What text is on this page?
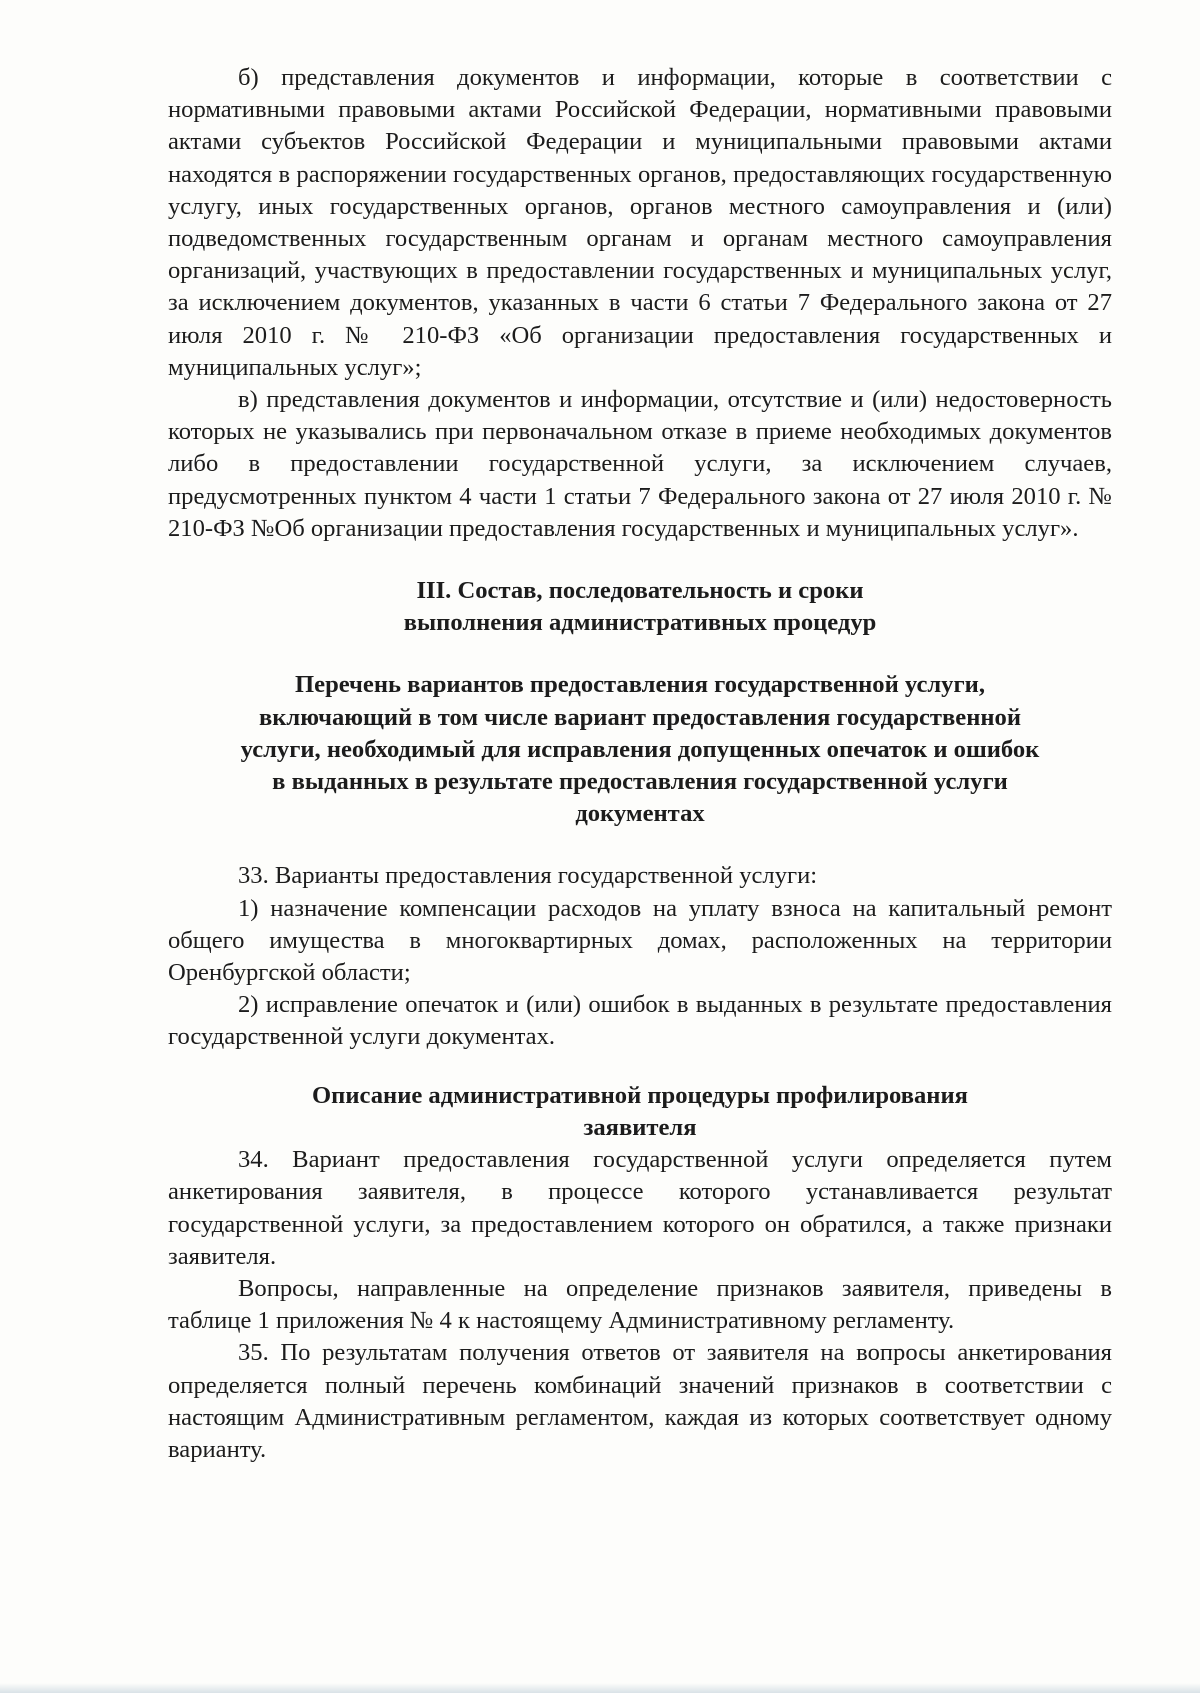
б) представления документов и информации, которые в соответствии с нормативными правовыми актами Российской Федерации, нормативными правовыми актами субъектов Российской Федерации и муниципальными правовыми актами находятся в распоряжении государственных органов, предоставляющих государственную услугу, иных государственных органов, органов местного самоуправления и (или) подведомственных государственным органам и органам местного самоуправления организаций, участвующих в предоставлении государственных и муниципальных услуг, за исключением документов, указанных в части 6 статьи 7 Федерального закона от 27 июля 2010 г. № 210-ФЗ «Об организации предоставления государственных и муниципальных услуг»;

в) представления документов и информации, отсутствие и (или) недостоверность которых не указывались при первоначальном отказе в приеме необходимых документов либо в предоставлении государственной услуги, за исключением случаев, предусмотренных пунктом 4 части 1 статьи 7 Федерального закона от 27 июля 2010 г. № 210-ФЗ №Об организации предоставления государственных и муниципальных услуг».

III. Состав, последовательность и сроки

выполнения административных процедур

Перечень вариантов предоставления государственной услуги,

включающий в том числе вариант предоставления государственной

услуги, необходимый для исправления допущенных опечаток и ошибок

в выданных в результате предоставления государственной услуги

документах

33. Варианты предоставления государственной услуги:

1) назначение компенсации расходов на уплату взноса на капитальный ремонт общего имущества в многоквартирных домах, расположенных на территории Оренбургской области;

2) исправление опечаток и (или) ошибок в выданных в результате предоставления государственной услуги документах.

Описание административной процедуры профилирования

заявителя

34. Вариант предоставления государственной услуги определяется путем анкетирования заявителя, в процессе которого устанавливается результат государственной услуги, за предоставлением которого он обратился, а также признаки заявителя.

Вопросы, направленные на определение признаков заявителя, приведены в таблице 1 приложения № 4 к настоящему Административному регламенту.

35. По результатам получения ответов от заявителя на вопросы анкетирования определяется полный перечень комбинаций значений признаков в соответствии с настоящим Административным регламентом, каждая из которых соответствует одному варианту.
